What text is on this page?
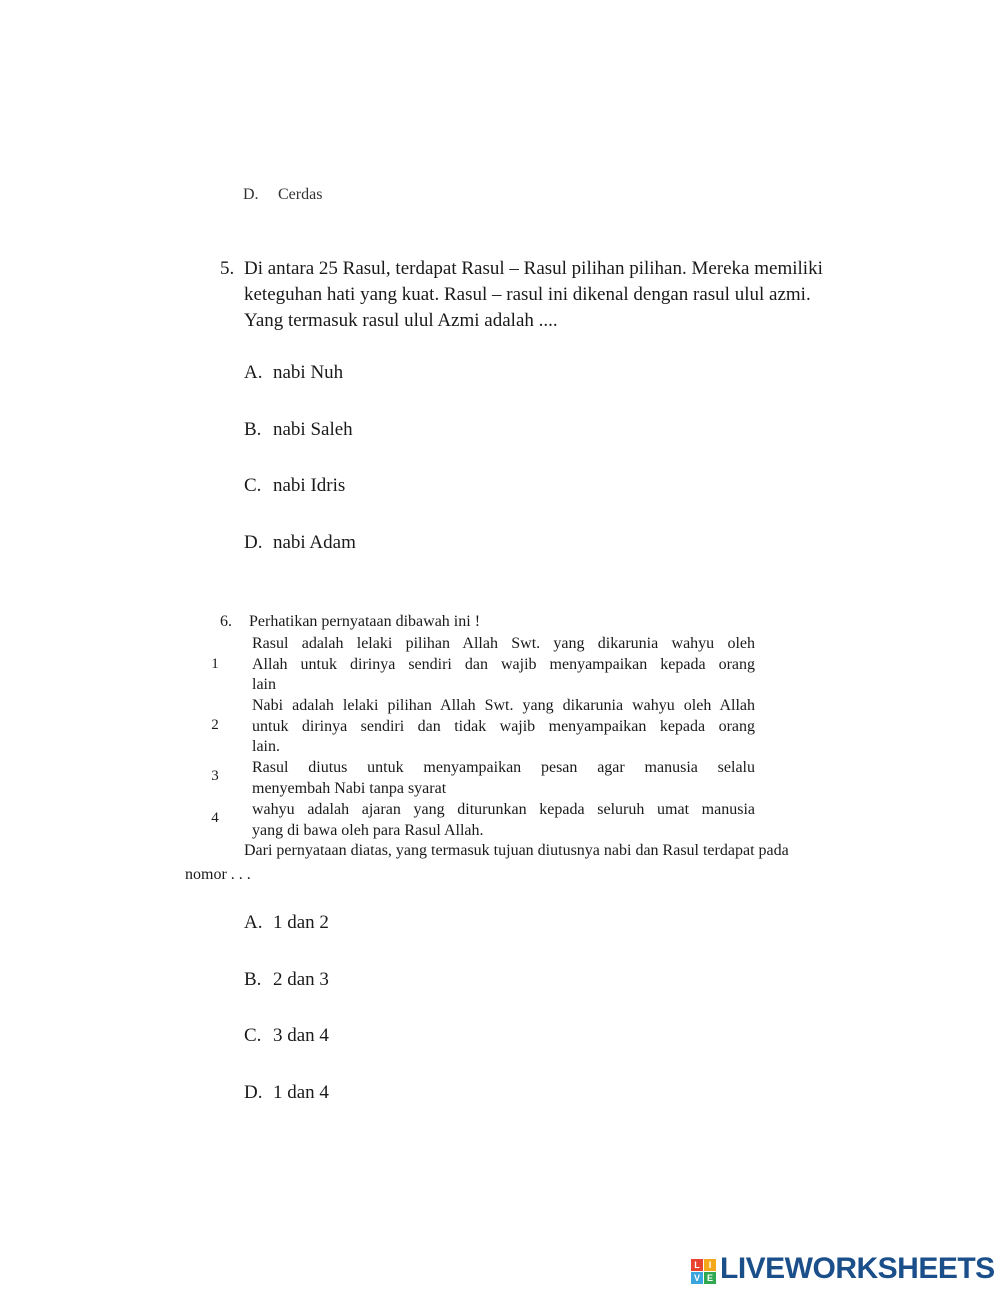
D. Cerdas
5. Di antara 25 Rasul, terdapat Rasul – Rasul pilihan pilihan. Mereka memiliki
keteguhan hati yang kuat. Rasul – rasul ini dikenal dengan rasul ulul azmi.
Yang termasuk rasul ulul Azmi adalah ....
A. nabi Nuh
B. nabi Saleh
C. nabi Idris
D. nabi Adam
6. Perhatikan pernyataan dibawah ini !
1
Rasul adalah lelaki pilihan Allah Swt. yang dikarunia wahyu oleh
Allah untuk dirinya sendiri dan wajib menyampaikan kepada orang
lain
2
Nabi adalah lelaki pilihan Allah Swt. yang dikarunia wahyu oleh Allah
untuk dirinya sendiri dan tidak wajib menyampaikan kepada orang
lain.
3	Rasul diutus untuk menyampaikan pesan agar manusia selalu
menyembah Nabi tanpa syarat
4	wahyu adalah ajaran yang diturunkan kepada seluruh umat manusia
yang di bawa oleh para Rasul Allah.
Dari pernyataan diatas, yang termasuk tujuan diutusnya nabi dan Rasul terdapat pada
nomor . . .
A. 1 dan 2
B. 2 dan 3
C. 3 dan 4
D. 1 dan 4
L I
V E LIVEWORKSHEETS
